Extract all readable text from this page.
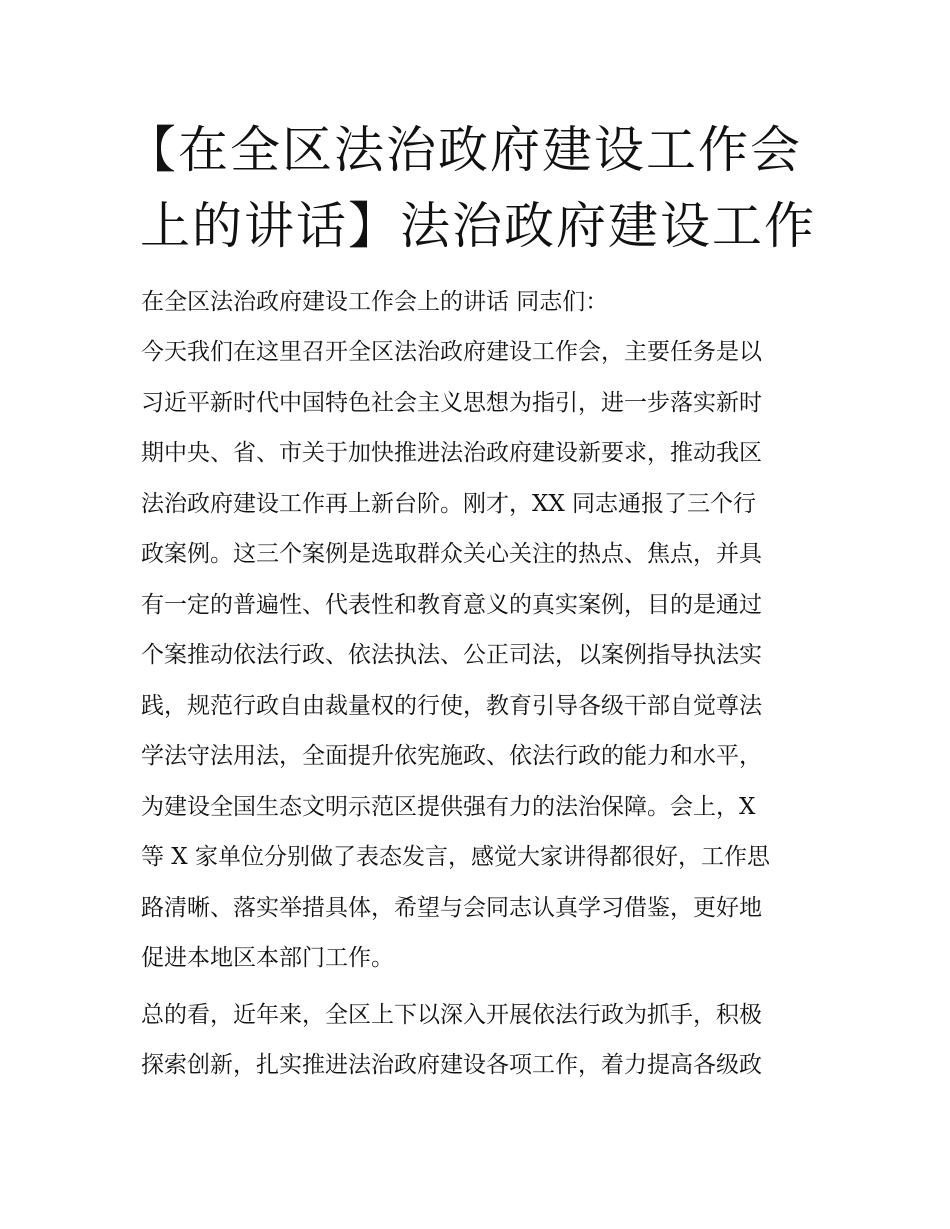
【在全区法治政府建设工作会
上的讲话】法治政府建设工作
在全区法治政府建设工作会上的讲话 同志们：
今天我们在这里召开全区法治政府建设工作会，主要任务是以
习近平新时代中国特色社会主义思想为指引，进一步落实新时
期中央、省、市关于加快推进法治政府建设新要求，推动我区
法治政府建设工作再上新台阶。刚才，XX 同志通报了三个行
政案例。这三个案例是选取群众关心关注的热点、焦点，并具
有一定的普遍性、代表性和教育意义的真实案例，目的是通过
个案推动依法行政、依法执法、公正司法，以案例指导执法实
践，规范行政自由裁量权的行使，教育引导各级干部自觉尊法
学法守法用法，全面提升依宪施政、依法行政的能力和水平，
为建设全国生态文明示范区提供强有力的法治保障。会上，X
等 X 家单位分别做了表态发言，感觉大家讲得都很好，工作思
路清晰、落实举措具体，希望与会同志认真学习借鉴，更好地
促进本地区本部门工作。
总的看，近年来，全区上下以深入开展依法行政为抓手，积极
探索创新，扎实推进法治政府建设各项工作，着力提高各级政
